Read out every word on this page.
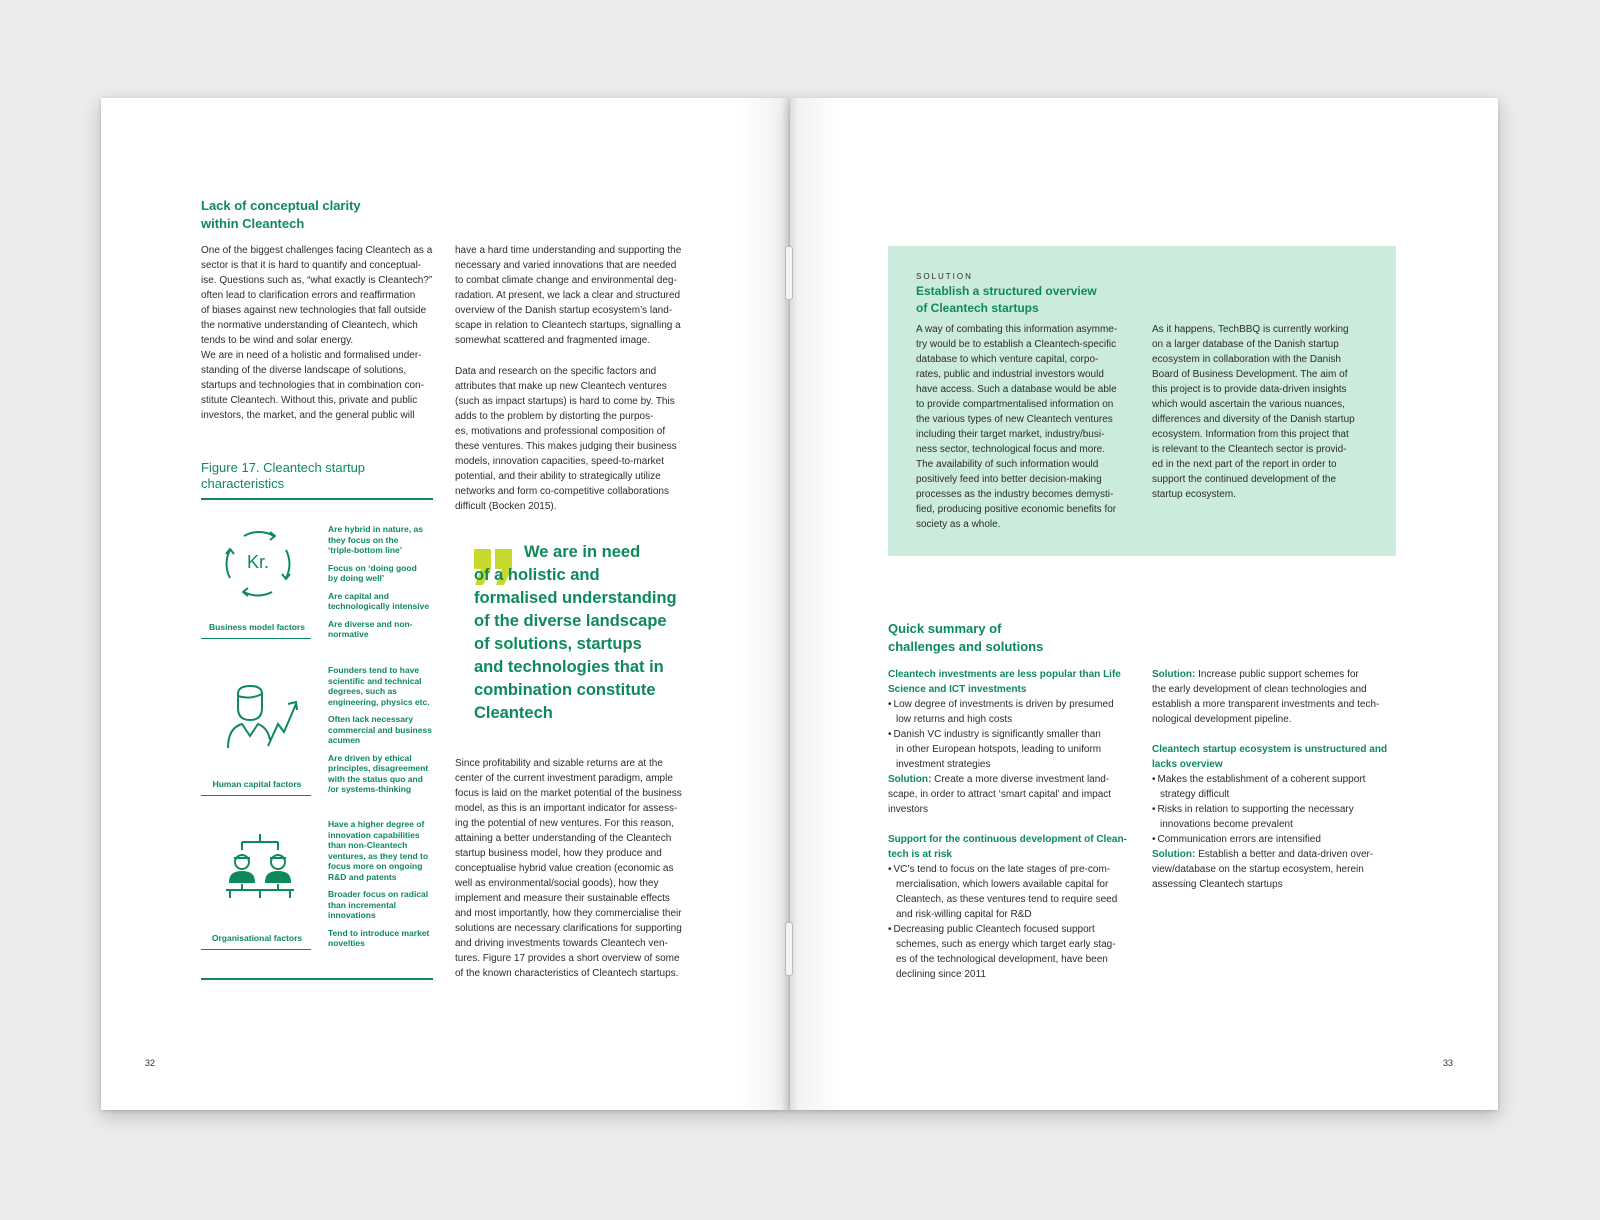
Lack of conceptual clarity
within Cleantech

One of the biggest challenges facing Cleantech as a
sector is that it is hard to quantify and conceptual-
ise. Questions such as, “what exactly is Cleantech?”
often lead to clarification errors and reaffirmation
of biases against new technologies that fall outside
the normative understanding of Cleantech, which
tends to be wind and solar energy.
We are in need of a holistic and formalised under-
standing of the diverse landscape of solutions,
startups and technologies that in combination con-
stitute Cleantech. Without this, private and public
investors, the market, and the general public will

have a hard time understanding and supporting the
necessary and varied innovations that are needed
to combat climate change and environmental deg-
radation. At present, we lack a clear and structured
overview of the Danish startup ecosystem’s land-
scape in relation to Cleantech startups, signalling a
somewhat scattered and fragmented image.

Data and research on the specific factors and
attributes that make up new Cleantech ventures
(such as impact startups) is hard to come by. This
adds to the problem by distorting the purpos-
es, motivations and professional composition of
these ventures. This makes judging their business
models, innovation capacities, speed-to-market
potential, and their ability to strategically utilize
networks and form co-competitive collaborations
difficult (Bocken 2015).

We are in need
of a holistic and
formalised understanding
of the diverse landscape
of solutions, startups
and technologies that in
combination constitute
Cleantech

Since profitability and sizable returns are at the
center of the current investment paradigm, ample
focus is laid on the market potential of the business
model, as this is an important indicator for assess-
ing the potential of new ventures. For this reason,
attaining a better understanding of the Cleantech
startup business model, how they produce and
conceptualise hybrid value creation (economic as
well as environmental/social goods), how they
implement and measure their sustainable effects
and most importantly, how they commercialise their
solutions are necessary clarifications for supporting
and driving investments towards Cleantech ven-
tures. Figure 17 provides a short overview of some
of the known characteristics of Cleantech startups.

Figure 17. Cleantech startup
characteristics
Kr.
Business model factors

Are hybrid in nature, as
they focus on the
‘triple-bottom line’

Focus on ‘doing good
by doing well’

Are capital and
technologically intensive

Are diverse and non-
normative

Human capital factors

Founders tend to have
scientific and technical
degrees, such as
engineering, physics etc.

Often lack necessary
commercial and business
acumen

Are driven by ethical
principles, disagreement
with the status quo and
/or systems-thinking

Organisational factors

Have a higher degree of
innovation capabilities
than non-Cleantech
ventures, as they tend to
focus more on ongoing
R&D and patents

Broader focus on radical
than incremental
innovations

Tend to introduce market
novelties

32
SOLUTION
Establish a structured overview
of Cleantech startups

A way of combating this information asymme-
try would be to establish a Cleantech-specific
database to which venture capital, corpo-
rates, public and industrial investors would
have access. Such a database would be able
to provide compartmentalised information on
the various types of new Cleantech ventures
including their target market, industry/busi-
ness sector, technological focus and more.
The availability of such information would
positively feed into better decision-making
processes as the industry becomes demysti-
fied, producing positive economic benefits for
society as a whole.

As it happens, TechBBQ is currently working
on a larger database of the Danish startup
ecosystem in collaboration with the Danish
Board of Business Development. The aim of
this project is to provide data-driven insights
which would ascertain the various nuances,
differences and diversity of the Danish startup
ecosystem. Information from this project that
is relevant to the Cleantech sector is provid-
ed in the next part of the report in order to
support the continued development of the
startup ecosystem.

Quick summary of
challenges and solutions

Cleantech investments are less popular than Life
Science and ICT investments

• Low degree of investments is driven by presumed
low returns and high costs
• Danish VC industry is significantly smaller than
in other European hotspots, leading to uniform
investment strategies

Solution: Create a more diverse investment land-
scape, in order to attract ‘smart capital’ and impact
investors

Support for the continuous development of Clean-
tech is at risk

• VC’s tend to focus on the late stages of pre-com-
mercialisation, which lowers available capital for
Cleantech, as these ventures tend to require seed
and risk-willing capital for R&D
• Decreasing public Cleantech focused support
schemes, such as energy which target early stag-
es of the technological development, have been
declining since 2011

Solution: Increase public support schemes for
the early development of clean technologies and
establish a more transparent investments and tech-
nological development pipeline.

Cleantech startup ecosystem is unstructured and
lacks overview

• Makes the establishment of a coherent support
strategy difficult
• Risks in relation to supporting the necessary
innovations become prevalent
• Communication errors are intensified

Solution: Establish a better and data-driven over-
view/database on the startup ecosystem, herein
assessing Cleantech startups

33
